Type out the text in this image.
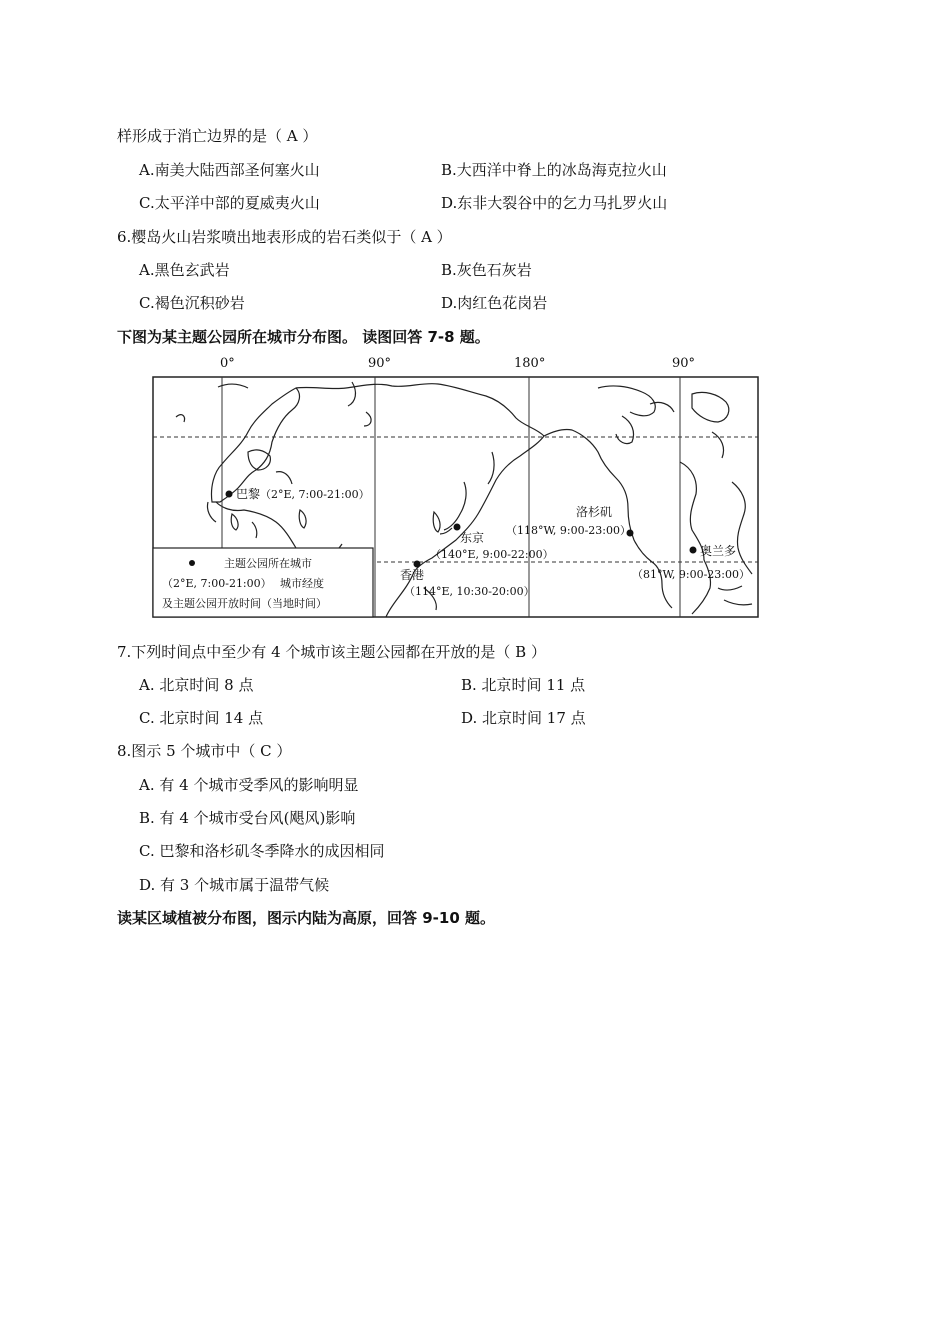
样形成于消亡边界的是（ A ）
A.南美大陆西部圣何塞火山	B.大西洋中脊上的冰岛海克拉火山
C.太平洋中部的夏威夷火山	D.东非大裂谷中的乞力马扎罗火山
6.樱岛火山岩浆喷出地表形成的岩石类似于（ A ）
A.黑色玄武岩	B.灰色石灰岩
C.褐色沉积砂岩	D.肉红色花岗岩
下图为某主题公园所在城市分布图。 读图回答 7-8 题。
0°	90°	180°	90°
巴黎 （2°E, 7:00-21:00）
东京
（140°E, 9:00-22:00）
香港
（114°E, 10:30-20:00）
洛杉矶
（118°W, 9:00-23:00）
奥兰多
（81°W, 9:00-23:00）
主题公园所在城市
（2°E, 7:00-21:00） 城市经度
及主题公园开放时间（当地时间）
7.下列时间点中至少有 4 个城市该主题公园都在开放的是（ B ）
A. 北京时间 8 点	B. 北京时间 11 点
C. 北京时间 14 点	D. 北京时间 17 点
8.图示 5 个城市中（ C ）
A. 有 4 个城市受季风的影响明显
B. 有 4 个城市受台风(飓风)影响
C. 巴黎和洛杉矶冬季降水的成因相同
D. 有 3 个城市属于温带气候
读某区域植被分布图，图示内陆为高原，回答 9-10 题。
